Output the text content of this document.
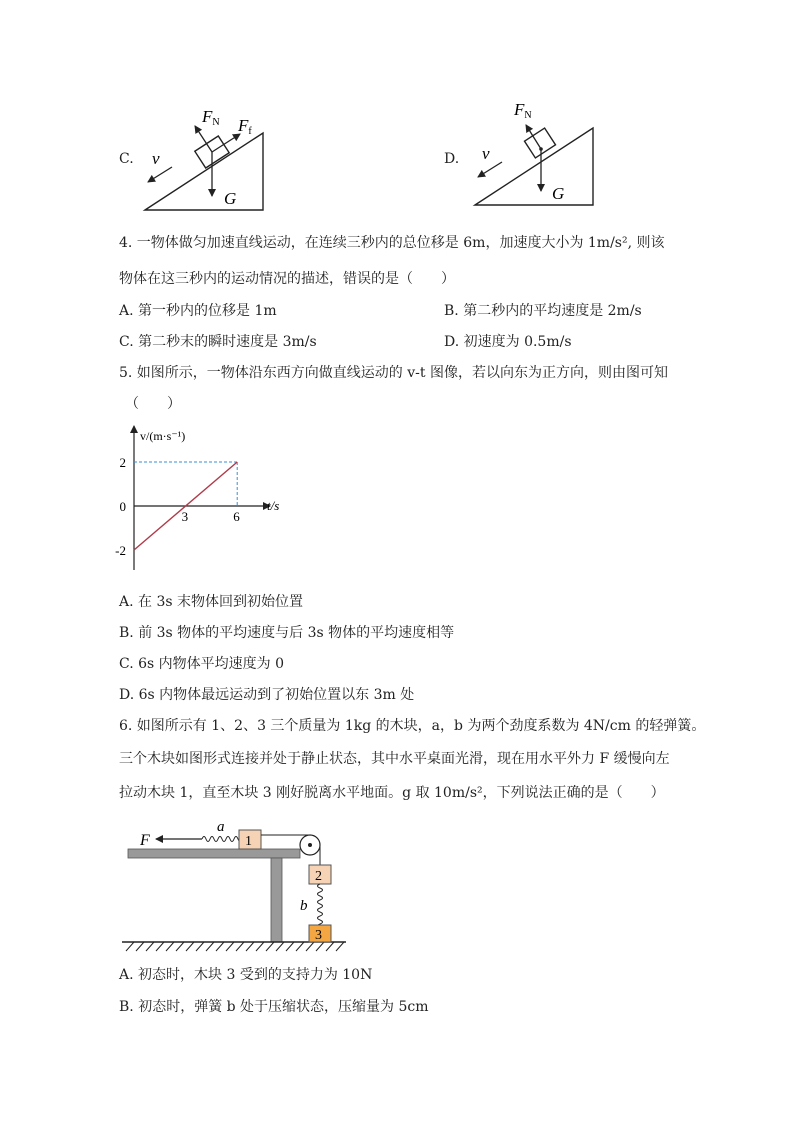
C.
FN Ff
G
v	D.
FN
G
v
4. 一物体做匀加速直线运动，在连续三秒内的总位移是 6m，加速度大小为 1m/s², 则该
物体在这三秒内的运动情况的描述，错误的是（　　）
A. 第一秒内的位移是 1m	B. 第二秒内的平均速度是 2m/s
C. 第二秒末的瞬时速度是 3m/s	D. 初速度为 0.5m/s
5. 如图所示，一物体沿东西方向做直线运动的 v-t 图像，若以向东为正方向，则由图可知
（　　）
3	6
2
0
-2
v/(m·s⁻¹)
t/s
A. 在 3s 末物体回到初始位置
B. 前 3s 物体的平均速度与后 3s 物体的平均速度相等
C. 6s 内物体平均速度为 0
D. 6s 内物体最远运动到了初始位置以东 3m 处
6. 如图所示有 1、2、3 三个质量为 1kg 的木块，a，b 为两个劲度系数为 4N/cm 的轻弹簧。
三个木块如图形式连接并处于静止状态，其中水平桌面光滑，现在用水平外力 F 缓慢向左
拉动木块 1，直至木块 3 刚好脱离水平地面。g 取 10m/s²，下列说法正确的是（　　）
F
a
1
2
b
3
A. 初态时，木块 3 受到的支持力为 10N
B. 初态时，弹簧 b 处于压缩状态，压缩量为 5cm
